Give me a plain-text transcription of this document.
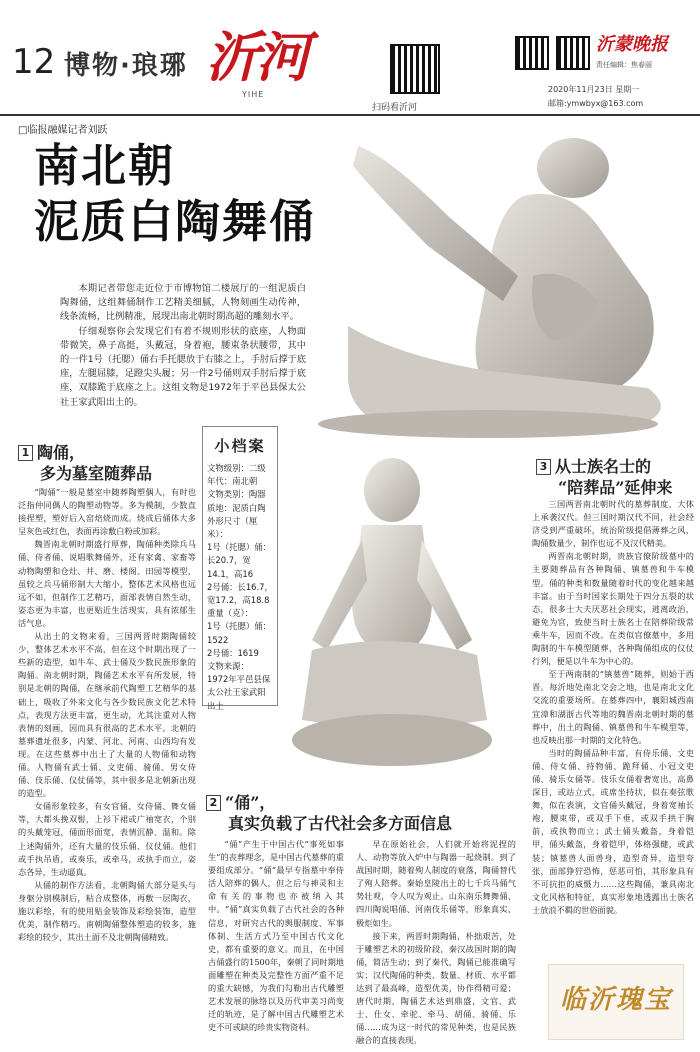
12 博物·琅琊 沂河
YIHE
扫码看沂河
沂蒙晚报
责任编辑：焦春丽
2020年11月23日 星期一
邮箱:ymwbyx@163.com
□临报融媒记者刘跃
南北朝
泥质白陶舞俑

本期记者带您走近位于市博物馆二楼展厅的一组泥质白陶舞俑，这组舞俑制作工艺精美细腻，人物刻画生动传神，线条流畅，比例精准，展现出南北朝时期高超的雕刻水平。

仔细观察你会发现它们有着不规则形状的底座，人物面带微笑，鼻子高挺，头戴冠，身着袍，腰束条状腰带，其中的一件1号（托腮）俑右手托腮放于右膝之上，手肘后撑于底座，左腿屈膝，足蹬尖头履；另一件2号俑则双手肘后撑于底座，双膝跪于底座之上。这组文物是1972年于平邑县保太公社王家武阳出土的。

1 陶俑，
多为墓室随葬品

“陶俑”一般是墓室中随葬陶塑偶人，有时也泛指仲同偶人的陶塑动物等。多为模制，少数直接捏塑，塑好后入窑焙烧而成。烧成后俑体大多呈灰色或红色，表面再涂敷白粉或加彩。

魏晋南北朝时期盛行厚葬，陶俑种类除兵马俑、侍者俑、说唱歌舞俑外，还有家禽、家畜等动物陶塑和仓灶、井、磨、楼阁、田园等模型，虽较之兵马俑形制大大缩小，整体艺术风格也远远不如，但制作工艺精巧，面部表情自然生动，姿态更为丰富，也更贴近生活现实，具有浓郁生活气息。

从出土的文物来看，三国两晋时期陶俑较少，整体艺术水平不高，但在这个时期出现了一些新的造型，如牛车、武士俑及少数民族形象的陶俑。南北朝时期，陶俑艺术水平有所发展，特别是北朝的陶俑，在继承前代陶塑工艺精华的基础上，吸收了外来文化与各少数民族文化艺术特点，表现方法更丰富，更生动，尤其注重对人物表情的刻画，因而具有很高的艺术水平。北朝的墓葬遗址很多，内蒙、河北、河南、山西均有发现。在这些墓葬中出土了大量的人物俑和动物俑。人物俑有武士俑、文吏俑、骑俑、男女侍俑、伎乐俑、仪仗俑等，其中很多是北朝新出现的造型。

女俑形象较多，有女官俑、女侍俑、舞女俑等，大都头挽双髻，上衫下裙或广袖宽衣，个别的头戴笼冠，俑面形面宽，表情沉静、温和。除上述陶俑外，还有大量的伎乐俑、仪仗俑。他们或手执吊盾，或奏乐，或牵马，或执手而立，姿态各异，生动逼真。

从俑的制作方法看，北朝陶俑大部分是头与身躯分别模制后，粘合成整体，再敷一层陶衣，施以彩绘，有的使用贴金装饰及彩绘装饰，造型优美，制作精巧。南朝陶俑整体塑造的较多，施彩绘的较少，其出土面不及北朝陶俑精致。

小档案
文物级别：二级
年代：南北朝
文物类别：陶器
质地：泥质白陶
外形尺寸（厘米）：
1号（托腮）俑：长20.7，宽14.1，高16
2号俑：长16.7，宽17.2，高18.8
重量（克）：
1号（托腮）俑：1522
2号俑：1619
文物来源：
1972年平邑县保太公社王家武阳出土
2 “俑”，
真实负载了古代社会多方面信息

“俑”产生于中国古代“事死如事生”的丧葬理念，是中国古代墓葬的重要组成部分。“俑”最早专指墓中奉侍活人陪葬的偶人，但之后与神灵和主命有关的事物也亦被纳入其中。“俑”真实负载了古代社会的各种信息，对研究古代的舆服制度、军事体制、生活方式乃至中国古代文化史，都有重要的意义。而且，在中国古俑盛行的1500年，秦朝了同时期地面雕塑在种类及完整性方面严重不足的重大缺憾，为我们勾勒出古代雕塑艺术发展的脉络以及历代审美习尚变迁的轨迹，是了解中国古代雕塑艺术史不可或缺的珍贵实物资料。

早在原始社会，人们就开始将泥捏的人、动物等放入炉中与陶器一起烧制。到了战国时期，随着殉人制度的衰落，陶俑替代了殉人陪葬。秦始皇陵出土的七千兵马俑气势壮观，令人叹为观止。山东南乐舞舞俑、四川陶说唱俑、河南伎乐俑等，形象真实，极炬如生。

接下来，两晋时期陶俑，朴拙艰苦，处于雕塑艺术的初级阶段，秦汉战国时期的陶俑，简洁生动；到了秦代，陶俑已能准确写实；汉代陶俑的种类、数量、材质、水平都达到了最高峰，造型优美，协作得精可爱；唐代时期，陶俑艺术达到鼎盛，文官、武士、仕女、牵驼、牵马、胡俑、骑俑、乐俑……成为这一时代的常见种类，也是民族融合的直接表现。

3 从士族名士的
“陪葬品”延伸来

三国两晋南北朝时代的墓葬制度，大体上承袭汉代。但三国时期汉代不同，社会经济受到严重破坏，统治阶级提倡薄葬之风，陶俑数量少，制作也远不及汉代精美。

两晋南北朝时期，贵族官僚阶级墓中的主要随葬品有各种陶俑、镇墓兽和牛车模型。俑的种类和数量随着时代的变化越来越丰富。由于当时国家长期处于四分五裂的状态，很多士大夫厌恶社会现实，逃离政治，避免为官，致使当时士族名士在陪葬阶级常乘牛车，因而不改。在类似官僚墓中，多用陶制的牛车模型随葬，各种陶俑组成的仪仗行列，便是以牛车为中心的。

至于两南制的“镇墓兽”随葬，则始于西晋。每沂地处南北交会之地，也是南北文化交流的重要场所。在墓葬四中，襄阳城西南宜漳和湖浙古代等地的魏晋南北朝时期的墓葬中，出土的陶俑、镇墓兽和牛车模型等，也反映出那一时期的文化特色。

当时的陶俑品种丰富，有侍乐俑、文吏俑、侍女俑、持物俑、跪拜俑、小冠文吏俑、骑乐女俑等。伎乐女俑着奢宽出，高鼻深目，或站立式，或席坐持状，似在奏弦歌舞，似在表演，文官俑头戴冠，身着宽袖长袍，腰束带，或双手下垂，或双手拱于胸前，或执物而立；武士俑头戴盔，身着铠甲，俑头戴盔，身着铠甲，体格强健，或武装；镇墓兽人面兽身，造型奇异，造型夸张，面部狰狞恐怖，惩恶可怕，其形象具有不可抗拒的威慑力……这些陶俑，兼具南北文化风格和特征，真实形象地透露出士族名士放浪不羁的世俗面貌。

临沂瑰宝
